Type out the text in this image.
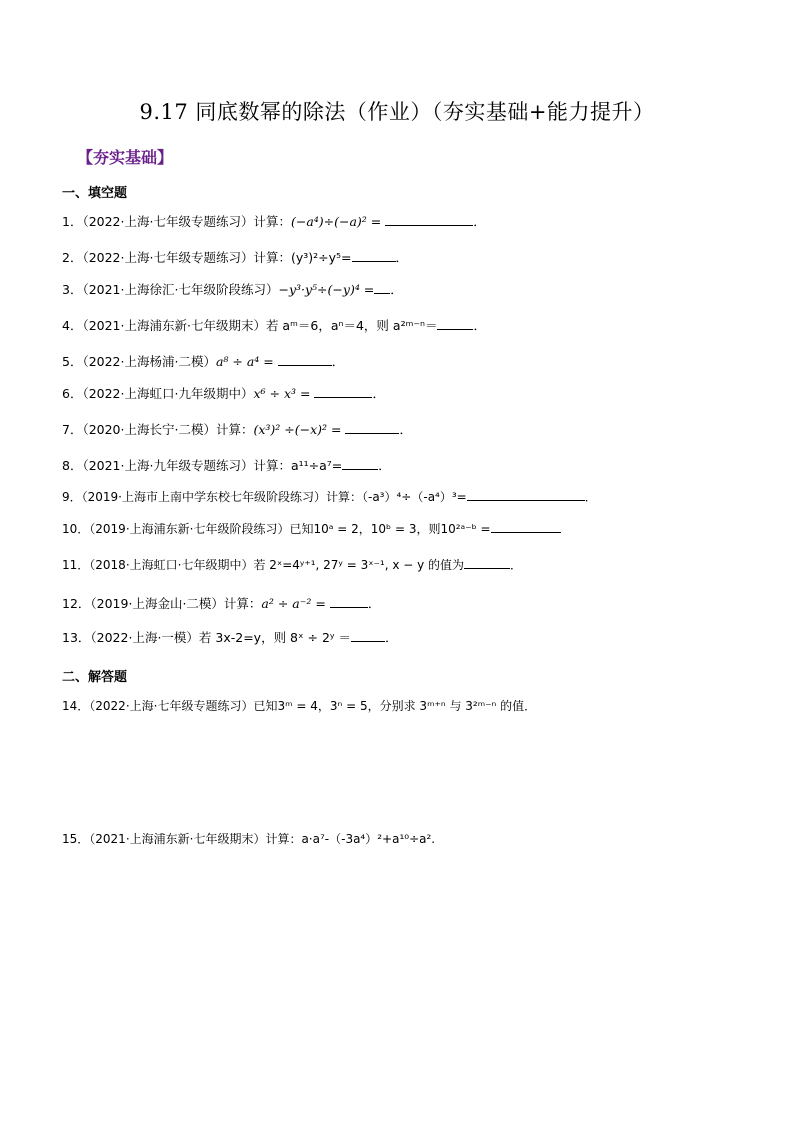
9.17 同底数幂的除法（作业）（夯实基础+能力提升）
【夯实基础】
一、填空题
1．（2022·上海·七年级专题练习）计算：(−a⁴)÷(−a)² =	．
2．（2022·上海·七年级专题练习）计算：(y³)²÷y⁵=	．
3．（2021·上海徐汇·七年级阶段练习）−y³·y⁵÷(−y)⁴ = ．
4．（2021·上海浦东新·七年级期末）若 aᵐ＝6，aⁿ＝4，则 a²ᵐ⁻ⁿ＝	．
5．（2022·上海杨浦·二模）a⁸ ÷ a⁴ =	．
6．（2022·上海虹口·九年级期中）x⁶ ÷ x³ =	．
7．（2020·上海长宁·二模）计算：(x³)² ÷(−x)² =	．
8．（2021·上海·九年级专题练习）计算：a¹¹÷a⁷=	．
9．（2019·上海市上南中学东校七年级阶段练习）计算：（-a³）⁴÷（-a⁴）³=	．
10．（2019·上海浦东新·七年级阶段练习）已知10ᵃ = 2，10ᵇ = 3，则10²ᵃ⁻ᵇ =
11．（2018·上海虹口·七年级期中）若 2ˣ=4ʸ⁺¹, 27ʸ = 3ˣ⁻¹, x − y 的值为	．
12．（2019·上海金山·二模）计算：a² ÷ a⁻² =	．
13．（2022·上海·一模）若 3x-2=y，则 8ˣ ÷ 2ʸ ＝	．
二、解答题
14．（2022·上海·七年级专题练习）已知3ᵐ = 4，3ⁿ = 5，分别求 3ᵐ⁺ⁿ 与 3²ᵐ⁻ⁿ 的值．
15．（2021·上海浦东新·七年级期末）计算：a·a⁷-（-3a⁴）²+a¹⁰÷a².
